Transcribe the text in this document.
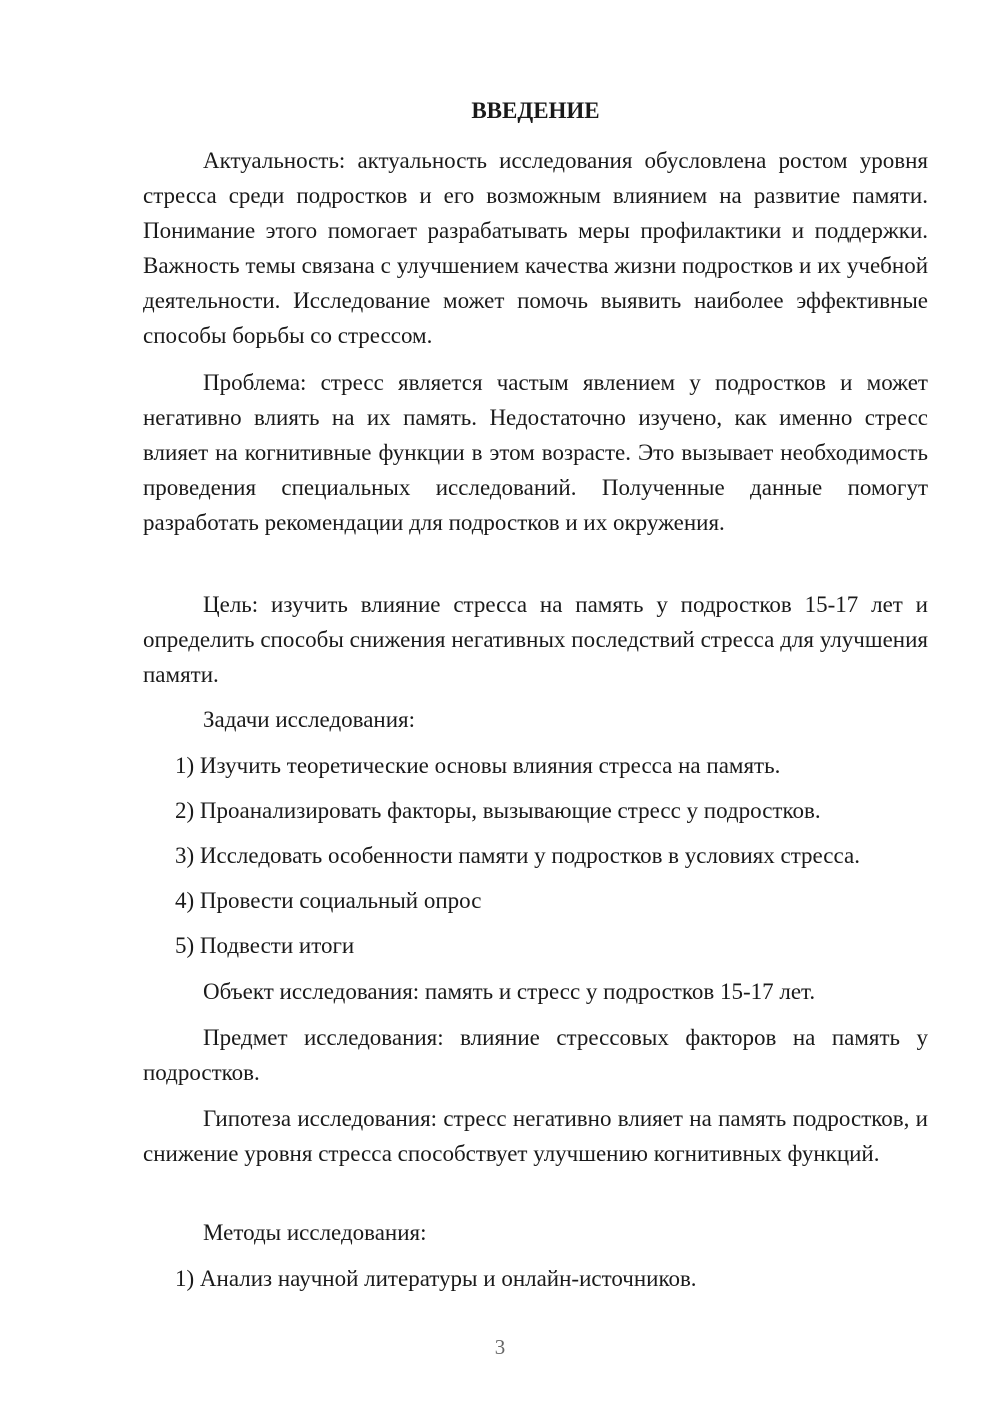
ВВЕДЕНИЕ

Актуальность: актуальность исследования обусловлена ростом уровня стресса среди подростков и его возможным влиянием на развитие памяти. Понимание этого помогает разрабатывать меры профилактики и поддержки. Важность темы связана с улучшением качества жизни подростков и их учебной деятельности. Исследование может помочь выявить наиболее эффективные способы борьбы со стрессом.

Проблема: стресс является частым явлением у подростков и может негативно влиять на их память. Недостаточно изучено, как именно стресс влияет на когнитивные функции в этом возрасте. Это вызывает необходимость проведения специальных исследований. Полученные данные помогут разработать рекомендации для подростков и их окружения.

Цель: изучить влияние стресса на память у подростков 15-17 лет и определить способы снижения негативных последствий стресса для улучшения памяти.

Задачи исследования:

1) Изучить теоретические основы влияния стресса на память.

2) Проанализировать факторы, вызывающие стресс у подростков.

3) Исследовать особенности памяти у подростков в условиях стресса.

4) Провести социальный опрос

5) Подвести итоги

Объект исследования: память и стресс у подростков 15-17 лет.

Предмет исследования: влияние стрессовых факторов на память у подростков.

Гипотеза исследования: стресс негативно влияет на память подростков, и снижение уровня стресса способствует улучшению когнитивных функций.

Методы исследования:

1) Анализ научной литературы и онлайн-источников.

3
